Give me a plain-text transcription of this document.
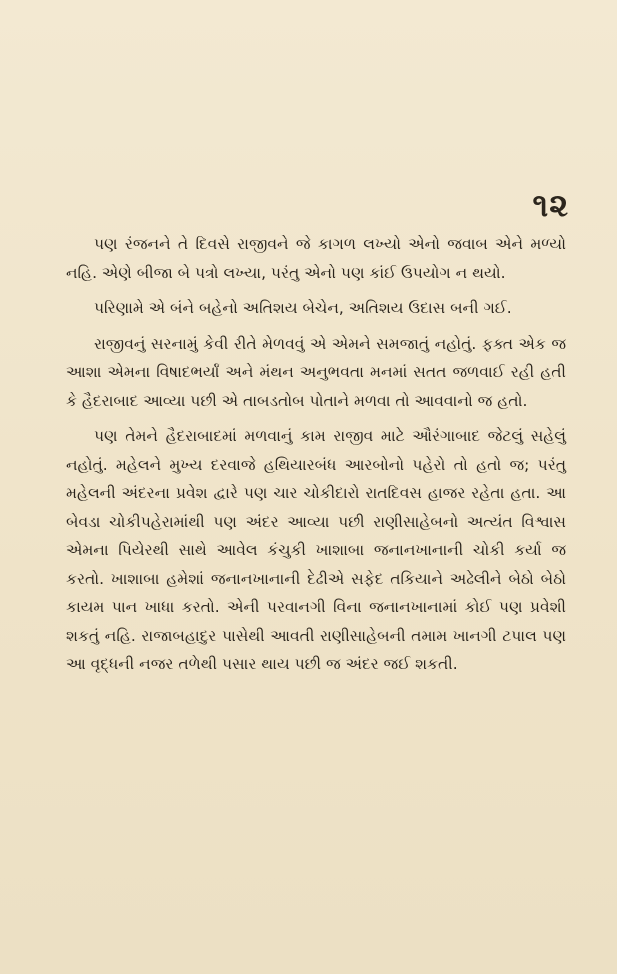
૧૨

પણ રંજનને તે દિવસે રાજીવને જે કાગળ લખ્યો એનો જવાબ એને મળ્યો નહિ. એણે બીજા બે પત્રો લખ્યા, પરંતુ એનો પણ કાંઈ ઉપયોગ ન થયો.

પરિણામે એ બંને બહેનો અતિશય બેચેન, અતિશય ઉદાસ બની ગઈ.

રાજીવનું સરનામું કેવી રીતે મેળવવું એ એમને સમજાતું નહોતું. ફક્ત એક જ આશા એમના વિષાદભર્યાં અને મંથન અનુભવતા મનમાં સતત જળવાઈ રહી હતી કે હૈદરાબાદ આવ્યા પછી એ તાબડતોબ પોતાને મળવા તો આવવાનો જ હતો.

પણ તેમને હૈદરાબાદમાં મળવાનું કામ રાજીવ માટે ઔરંગાબાદ જેટલું સહેલું નહોતું. મહેલને મુખ્ય દરવાજે હથિયારબંધ આરબોનો પહેરો તો હતો જ; પરંતુ મહેલની અંદરના પ્રવેશ દ્વારે પણ ચાર ચોકીદારો રાતદિવસ હાજર રહેતા હતા. આ બેવડા ચોકીપહેરામાંથી પણ અંદર આવ્યા પછી રાણીસાહેબનો અત્યંત વિશ્વાસ એમના પિયેરથી સાથે આવેલ કંચુકી ખાશાબા જનાનખાનાની ચોકી કર્યા જ કરતો. ખાશાબા હમેશાં જનાનખાનાની દેઢીએ સફેદ તકિયાને અઢેલીને બેઠો બેઠો કાયમ પાન ખાધા કરતો. એની પરવાનગી વિના જનાનખાનામાં કોઈ પણ પ્રવેશી શકતું નહિ. રાજાબહાદુર પાસેથી આવતી રાણીસાહેબની તમામ ખાનગી ટપાલ પણ આ વૃદ્ધની નજર તળેથી પસાર થાય પછી જ અંદર જઈ શકતી.
